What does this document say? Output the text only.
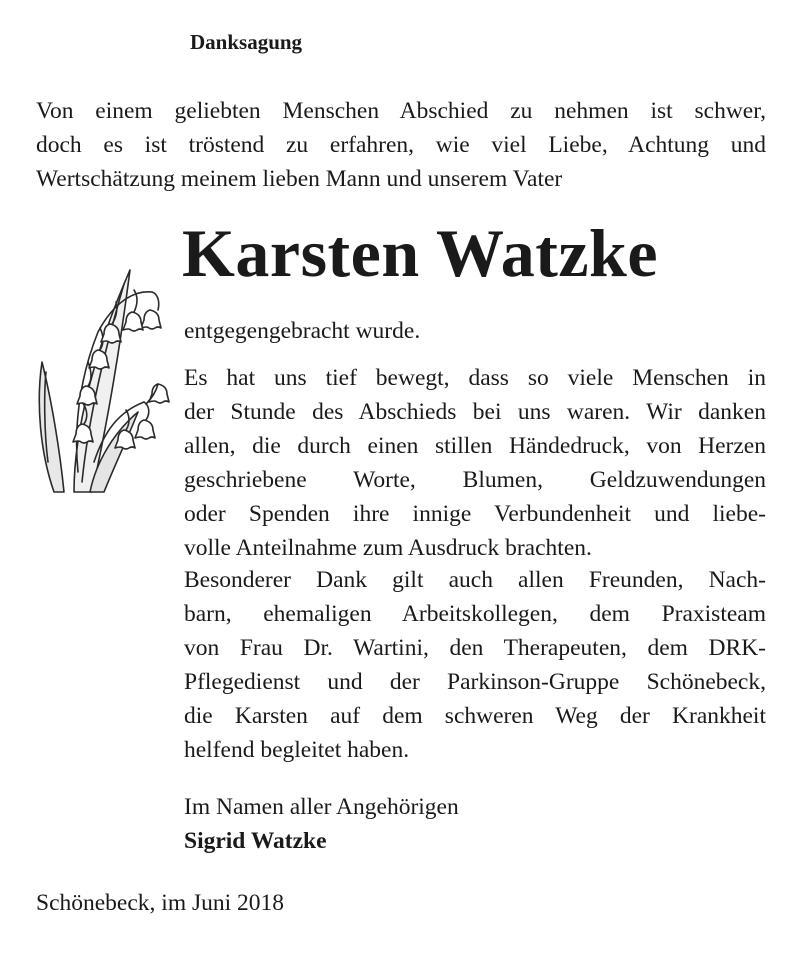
Danksagung

Von einem geliebten Menschen Abschied zu nehmen ist schwer,
doch es ist tröstend zu erfahren, wie viel Liebe, Achtung und
Wertschätzung meinem lieben Mann und unserem Vater

Karsten Watzke

entgegengebracht wurde.

Es hat uns tief bewegt, dass so viele Menschen in
der Stunde des Abschieds bei uns waren. Wir danken
allen, die durch einen stillen Händedruck, von Herzen
geschriebene Worte, Blumen, Geldzuwendungen
oder Spenden ihre innige Verbundenheit und liebe-
volle Anteilnahme zum Ausdruck brachten.

Besonderer Dank gilt auch allen Freunden, Nach-
barn, ehemaligen Arbeitskollegen, dem Praxisteam
von Frau Dr. Wartini, den Therapeuten, dem DRK-
Pflegedienst und der Parkinson-Gruppe Schönebeck,
die Karsten auf dem schweren Weg der Krankheit
helfend begleitet haben.

Im Namen aller Angehörigen

Sigrid Watzke

Schönebeck, im Juni 2018
